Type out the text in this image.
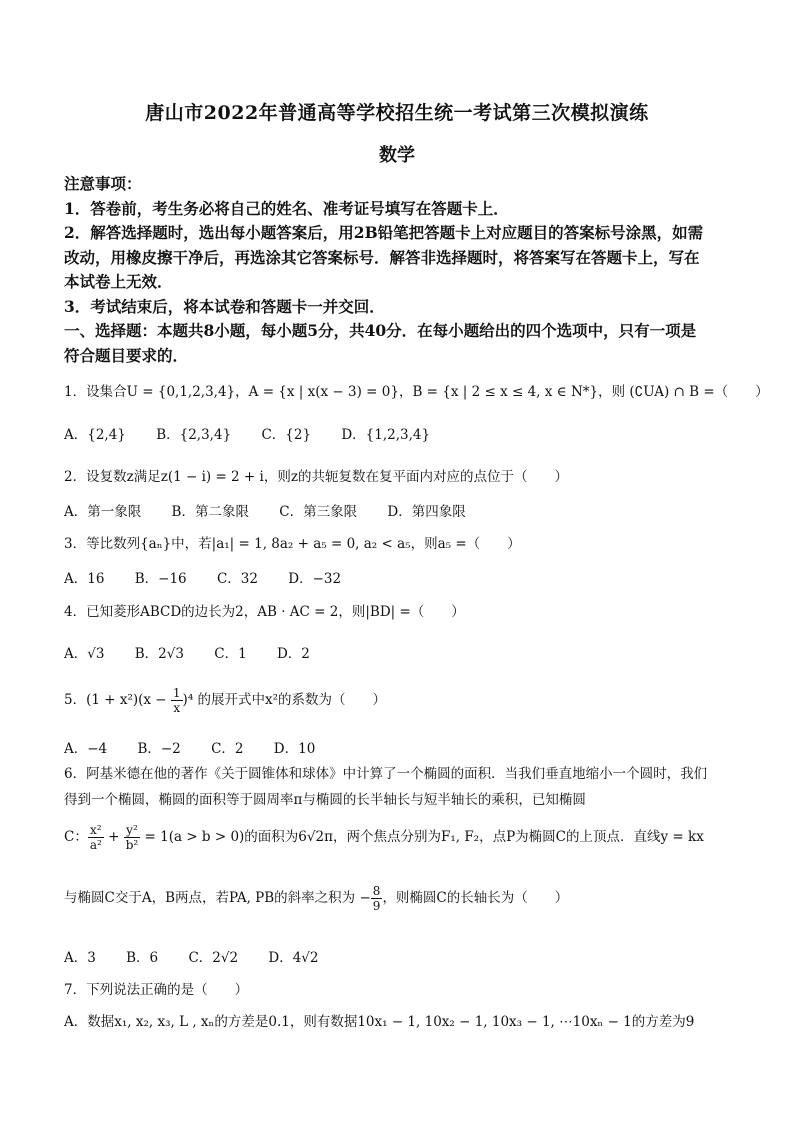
唐山市2022年普通高等学校招生统一考试第三次模拟演练
数学
注意事项：
1．答卷前，考生务必将自己的姓名、准考证号填写在答题卡上．
2．解答选择题时，选出每小题答案后，用2B铅笔把答题卡上对应题目的答案标号涂黑，如需
改动，用橡皮擦干净后，再选涂其它答案标号．解答非选择题时，将答案写在答题卡上，写在
本试卷上无效．
3．考试结束后，将本试卷和答题卡一并交回．
一、选择题：本题共8小题，每小题5分，共40分．在每小题给出的四个选项中，只有一项是
符合题目要求的．
1．设集合U = {0,1,2,3,4}，A = {x | x(x − 3) = 0}，B = {x | 2 ≤ x ≤ 4, x ∈ N*}，则 (∁UA) ∩ B =（　　）
A．{2,4} B．{2,3,4} C．{2} D．{1,2,3,4}
2．设复数z满足z(1 − i) = 2 + i，则z的共轭复数在复平面内对应的点位于（　　）
A．第一象限 B．第二象限 C．第三象限 D．第四象限
3．等比数列{aₙ}中，若|a₁| = 1, 8a₂ + a₅ = 0, a₂ < a₅，则a₅ =（　　）
A．16 B．−16 C．32 D．−32
4．已知菱形ABCD的边长为2，AB · AC = 2，则|BD| =（　　）
A．√3 B．2√3 C．1 D．2
5．$(1 + x^2)(x - \frac{1}{x} )^4$ 的展开式中x²的系数为（　　）
A．−4 B．−2 C．2 D．10
6．阿基米德在他的著作《关于圆锥体和球体》中计算了一个椭圆的面积．当我们垂直地缩小一个圆时，我们
得到一个椭圆，椭圆的面积等于圆周率π与椭圆的长半轴长与短半轴长的乘积，已知椭圆
C： $\frac{\text{x²}}{\text{a²}} + \frac{\text{y²}}{\text{b²}} = 1(a > b > 0)$的面积为6√2π，两个焦点分别为F₁, F₂，点P为椭圆C的上顶点．直线y = kx
与椭圆C交于A，B两点，若PA, PB的斜率之积为 − $\frac{8}{9}$ ，则椭圆C的长轴长为（　　）
A．3 B．6 C．2√2 D．4√2
7．下列说法正确的是（　　）
A．数据x₁, x₂, x₃, L , xₙ的方差是0.1，则有数据10x₁ − 1, 10x₂ − 1, 10x₃ − 1, ⋯10xₙ − 1的方差为9
